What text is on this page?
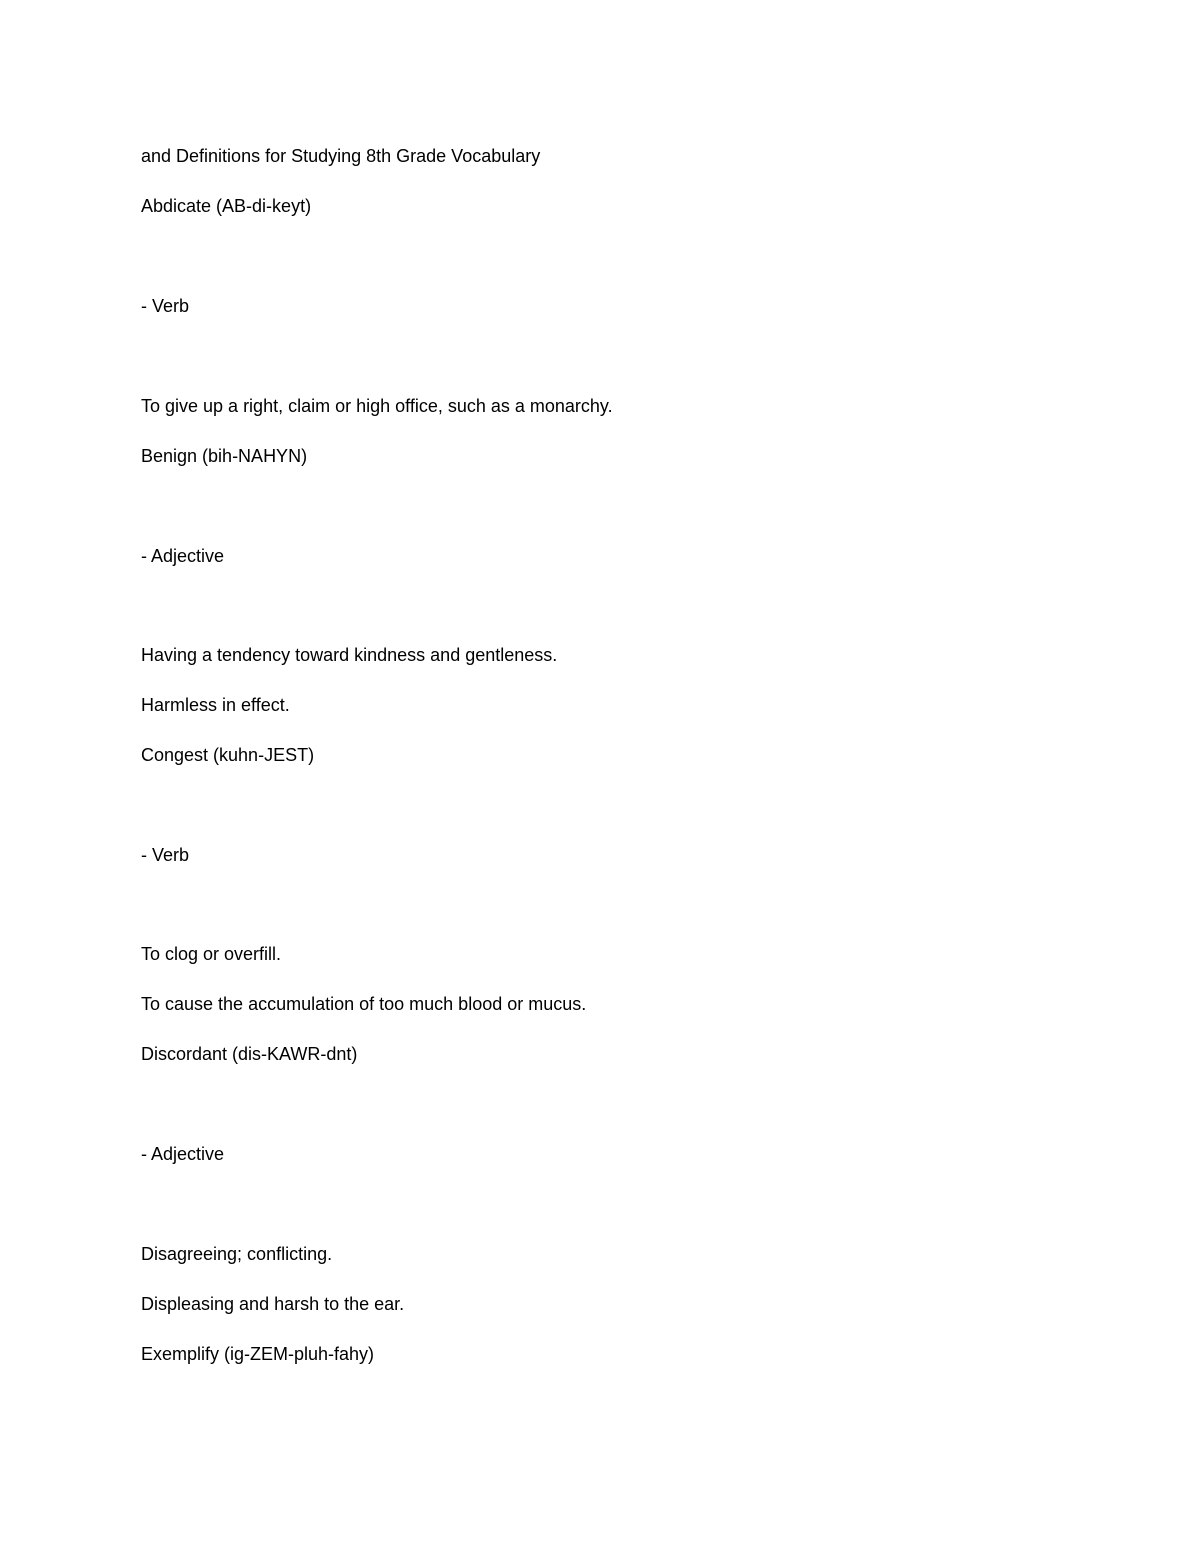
and Definitions for Studying 8th Grade Vocabulary

Abdicate (AB-di-keyt)

- Verb

To give up a right, claim or high office, such as a monarchy.

Benign (bih-NAHYN)

- Adjective

Having a tendency toward kindness and gentleness.

Harmless in effect.

Congest (kuhn-JEST)

- Verb

To clog or overfill.

To cause the accumulation of too much blood or mucus.

Discordant (dis-KAWR-dnt)

- Adjective

Disagreeing; conflicting.

Displeasing and harsh to the ear.

Exemplify (ig-ZEM-pluh-fahy)
